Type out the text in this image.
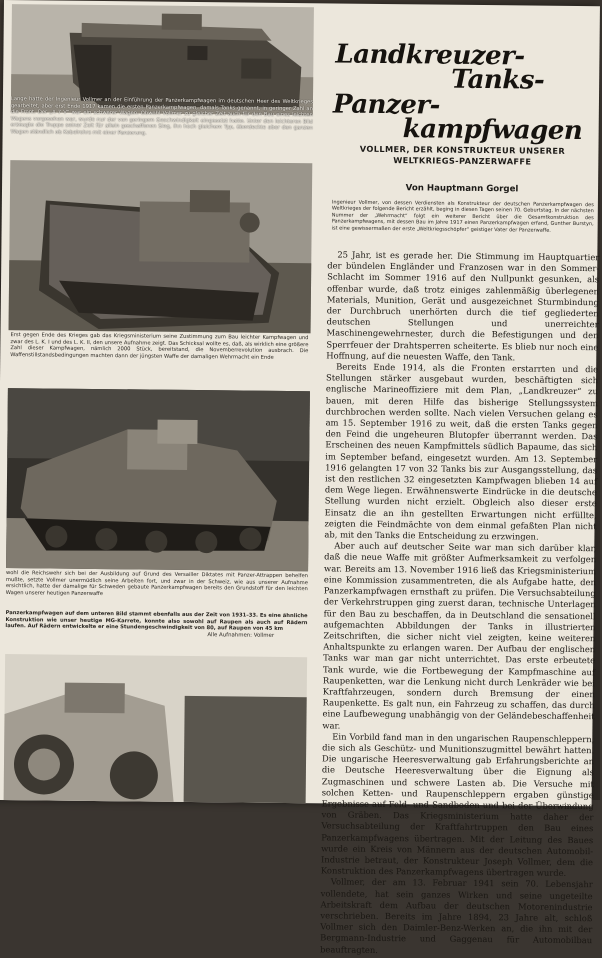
Lange hatte der Ingenieur Vollmer an der Einführung der Panzerkampfwagen im deutschen Heer des Weltkrieges gearbeitet, aber erst Ende 1917 kamen die ersten Panzerkampfwagen, damals Tanks genannt, in geringer Zahl an die Front. Der „A 7 V“ war ein schwerer Wagen. Obwohl Vollmer zu gleicher Zeit auch für den Bau eines leichten Wagens vorgesehen war, wurde nur der von geringem Geschwindigkeit eingesetzt hatte. Unter den leichteren Bild erzeugte die Truppe seiner Zeit für allein geschaffenen Sieg, ihn hoch gleichem Typ, überdeckte aber den ganzen Wagen ständlich ab Kabelrohrs mit einer Panzerung.
Erst gegen Ende des Krieges gab das Kriegsministerium seine Zustimmung zum Bau leichter Kampfwagen und zwar des L. K. I und des L. K. II, den unsere Aufnahme zeigt. Das Schicksal wollte es, daß, als wirklich eine größere Zahl dieser Kampfwagen, nämlich 2000 Stück, bereitstand, die Novemberrevolution ausbrach. Die Waffenstillstandsbedingungen machten dann der jüngsten Waffe der damaligen Wehrmacht ein Ende
wohl die Reichswehr sich bei der Ausbildung auf Grund des Versailler Diktates mit Panzer-Attrappen behelfen mußte, setzte Vollmer unermüdlich seine Arbeiten fort, und zwar in der Schweiz, wie aus unserer Aufnahme ersichtlich, hatte der damalige für Schweden gebaute Panzerkampfwagen bereits den Grundstoff für den leichten Wagen unserer heutigen Panzerwaffe
Panzerkampfwagen auf dem unteren Bild stammt ebenfalls aus der Zeit von 1931–33. Es eine ähnliche Konstruktion wie unser heutige MG-Karrete, konnte also sowohl auf Raupen als auch auf Rädern laufen. Auf Rädern entwickelte er eine Stundengeschwindigkeit von 80, auf Raupen von 45 km
Alle Aufnahmen: Vollmer
Landkreuzer-
Tanks-
Panzer-
kampfwagen
VOLLMER, DER KONSTRUKTEUR UNSERER WELTKRIEGS-PANZERWAFFE
Von Hauptmann Gorgel
Ingenieur Vollmer, von dessen Verdiensten als Konstrukteur der deutschen Panzerkampfwagen des Weltkrieges der folgende Bericht erzählt, beging in diesen Tagen seinen 70. Geburtstag. In der nächsten Nummer der „Wehrmacht“ folgt ein weiterer Bericht über die Gesamtkonstruktion des Panzerkampfwagens, mit dessen Bau im Jahre 1917 einen Panzerkampfwagen erfand, Gunther Burstyn, ist eine gewissermaßen der erste „Weltkriegsschöpfer“ geistiger Vater der Panzerwaffe.

25 Jahr, ist es gerade her. Die Stimmung im Hauptquartier der bündelen Engländer und Franzosen war in den Sommer-Schlacht im Sommer 1916 auf den Nullpunkt gesunken, als offenbar wurde, daß trotz einiges zahlenmäßig überlegenen Materials, Munition, Gerät und ausgezeichnet Sturmbindung der Durchbruch unerhörten durch die tief gegliederten deutschen Stellungen und unerreichter Maschinengewehrnester, durch die Befestigungen und den Sperrfeuer der Drahtsperren scheiterte. Es blieb nur noch eine Hoffnung, auf die neuesten Waffe, den Tank.

Bereits Ende 1914, als die Fronten erstarrten und die Stellungen stärker ausgebaut wurden, beschäftigten sich englische Marineoffiziere mit dem Plan, „Landkreuzer“ zu bauen, mit deren Hilfe das bisherige Stellungssystem durchbrochen werden sollte. Nach vielen Versuchen gelang es am 15. September 1916 zu weit, daß die ersten Tanks gegen den Feind die ungeheuren Blutopfer überrannt werden. Das Erscheinen des neuen Kampfmittels südlich Bapaume, das sich im September befand, eingesetzt wurden. Am 13. September 1916 gelangten 17 von 32 Tanks bis zur Ausgangsstellung, das ist den restlichen 32 eingesetzten Kampfwagen blieben 14 auf dem Wege liegen. Erwähnenswerte Eindrücke in die deutsche Stellung wurden nicht erzielt. Obgleich also dieser erste Einsatz die an ihn gestellten Erwartungen nicht erfüllte, zeigten die Feindmächte von dem einmal gefaßten Plan nicht ab, mit den Tanks die Entscheidung zu erzwingen.

Aber auch auf deutscher Seite war man sich darüber klar, daß die neue Waffe mit größter Aufmerksamkeit zu verfolgen war. Bereits am 13. November 1916 ließ das Kriegsministerium eine Kommission zusammentreten, die als Aufgabe hatte, den Panzerkampfwagen ernsthaft zu prüfen. Die Versuchsabteilung der Verkehrstruppen ging zuerst daran, technische Unterlagen für den Bau zu beschaffen, da in Deutschland die sensationell aufgemachten Abbildungen der Tanks in illustrierten Zeitschriften, die sicher nicht viel zeigten, keine weiteren Anhaltspunkte zu erlangen waren. Der Aufbau der englischen Tanks war man gar nicht unterrichtet. Das erste erbeutete Tank wurde, wie die Fortbewegung der Kampfmaschine auf Raupenketten, war die Lenkung nicht durch Lenkräder wie bei Kraftfahrzeugen, sondern durch Bremsung der einen Raupenkette. Es galt nun, ein Fahrzeug zu schaffen, das durch eine Laufbewegung unabhängig von der Geländebeschaffenheit war.

Ein Vorbild fand man in den ungarischen Raupenschleppern, die sich als Geschütz- und Munitionszugmittel bewährt hatten. Die ungarische Heeresverwaltung gab Erfahrungsberichte an die Deutsche Heeresverwaltung über die Eignung als Zugmaschinen und schwere Lasten ab. Die Versuche mit solchen Ketten- und Raupenschleppern ergaben günstige Ergebnisse auf Feld- und Sandboden und bei der Überwindung von Gräben. Das Kriegsministerium hatte daher der Versuchsabteilung der Kraftfahrtruppen den Bau eines Panzerkampfwagens übertragen. Mit der Leitung des Baues wurde ein Kreis von Männern aus der deutschen Automobil-Industrie betraut, der Konstrukteur Joseph Vollmer, dem die Konstruktion des Panzerkampfwagens übertragen wurde.

Vollmer, der am 13. Februar 1941 sein 70. Lebensjahr vollendete, hat sein ganzes Wirken und seine ungeteilte Arbeitskraft dem Aufbau der deutschen Motorenindustrie verschrieben. Bereits im Jahre 1894, 23 Jahre alt, schloß Vollmer sich den Daimler-Benz-Werken an, die ihn mit der Bergmann-Industrie und Gaggenau für Automobilbau beauftragten.
